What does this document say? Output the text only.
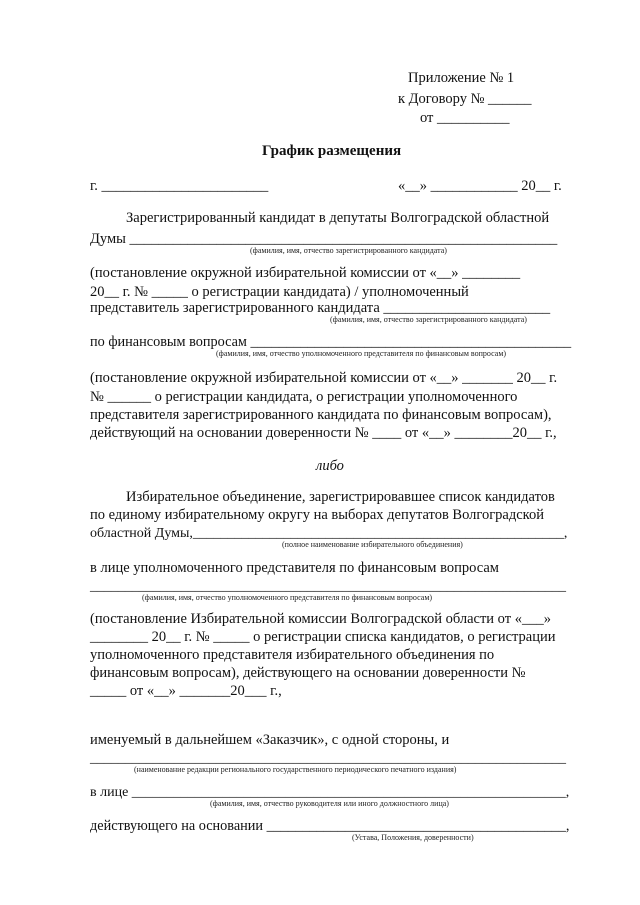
Приложение № 1
к Договору № ______
от __________
График размещения
г. _______________________	«__» ____________ 20__ г.
Зарегистрированный кандидат в депутаты Волгоградской областной
Думы ___________________________________________________________
(фамилия, имя, отчество зарегистрированного кандидата)
(постановление окружной избирательной комиссии от «__» ________
20__ г. № _____ о регистрации кандидата) / уполномоченный
представитель зарегистрированного кандидата _______________________
(фамилия, имя, отчество зарегистрированного кандидата)
по финансовым вопросам _____________________________________________
(фамилия, имя, отчество уполномоченного представителя по финансовым вопросам)
(постановление окружной избирательной комиссии от «__» _______ 20__ г.
№ ______ о регистрации кандидата, о регистрации уполномоченного
представителя зарегистрированного кандидата по финансовым вопросам),
действующий на основании доверенности № ____ от «__» ________20__ г.,
либо
Избирательное объединение, зарегистрировавшее список кандидатов
по единому избирательному округу на выборах депутатов Волгоградской
областной Думы,_____________________________________________________,
(полное наименование избирательного объединения)
в лице уполномоченного представителя по финансовым вопросам
____________________________________________________________________
(фамилия, имя, отчество уполномоченного представителя по финансовым вопросам)
(постановление Избирательной комиссии Волгоградской области от «___»
________ 20__ г. № _____ о регистрации списка кандидатов, о регистрации
уполномоченного представителя избирательного объединения по
финансовым вопросам), действующего на основании доверенности №
_____ от «__» _______20___ г.,
именуемый в дальнейшем «Заказчик», с одной стороны, и
____________________________________________________________________
(наименование редакции регионального государственного периодического печатного издания)
в лице ______________________________________________________________,
(фамилия, имя, отчество руководителя или иного должностного лица)
действующего на основании __________________________________________,
(Устава, Положения, доверенности)
